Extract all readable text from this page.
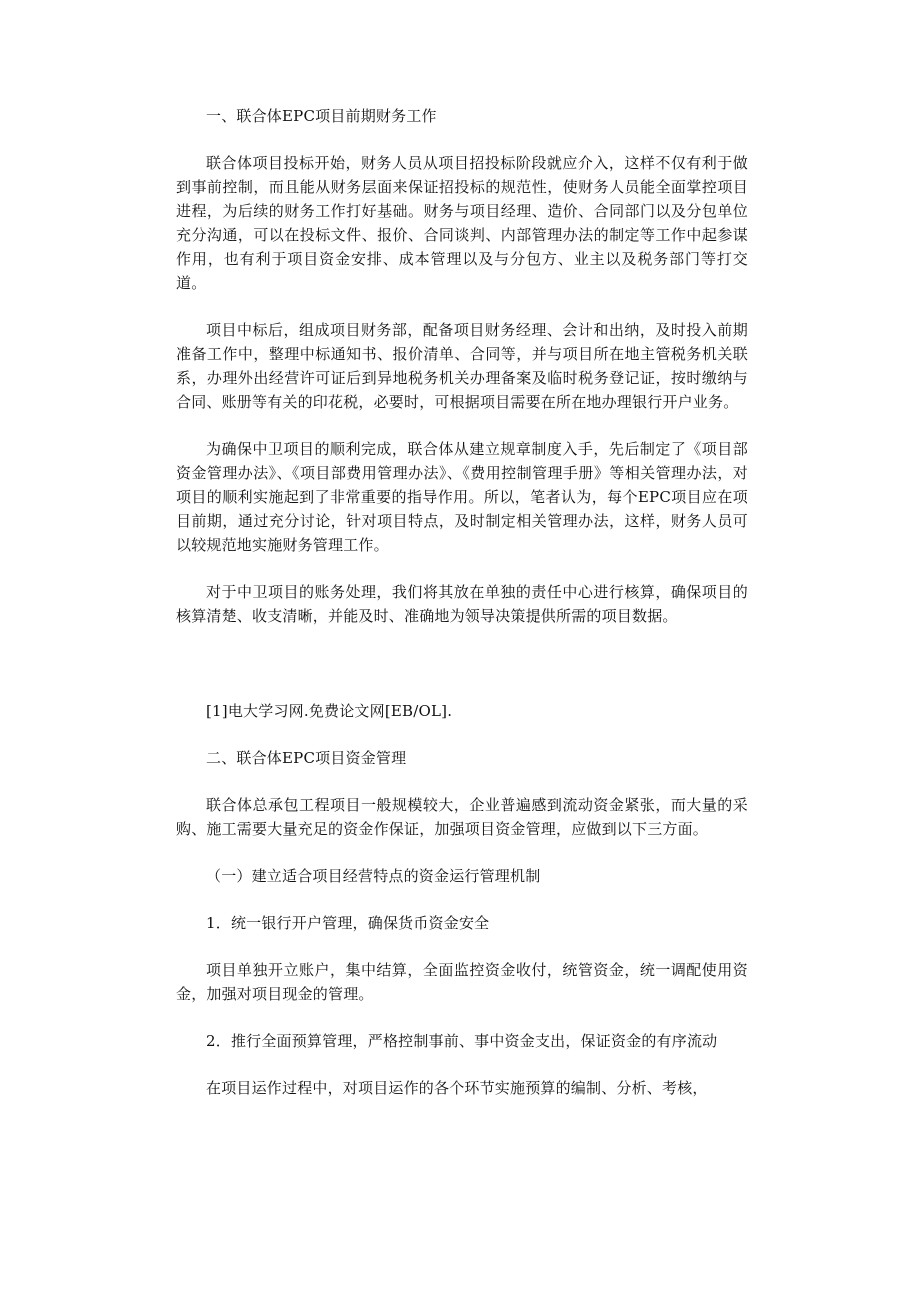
一、联合体EPC项目前期财务工作

联合体项目投标开始，财务人员从项目招投标阶段就应介入，这样不仅有利于做到事前控制，而且能从财务层面来保证招投标的规范性，使财务人员能全面掌控项目进程，为后续的财务工作打好基础。财务与项目经理、造价、合同部门以及分包单位充分沟通，可以在投标文件、报价、合同谈判、内部管理办法的制定等工作中起参谋作用，也有利于项目资金安排、成本管理以及与分包方、业主以及税务部门等打交道。

项目中标后，组成项目财务部，配备项目财务经理、会计和出纳，及时投入前期准备工作中，整理中标通知书、报价清单、合同等，并与项目所在地主管税务机关联系，办理外出经营许可证后到异地税务机关办理备案及临时税务登记证，按时缴纳与合同、账册等有关的印花税，必要时，可根据项目需要在所在地办理银行开户业务。

为确保中卫项目的顺利完成，联合体从建立规章制度入手，先后制定了《项目部资金管理办法》、《项目部费用管理办法》、《费用控制管理手册》等相关管理办法，对项目的顺利实施起到了非常重要的指导作用。所以，笔者认为，每个EPC项目应在项目前期，通过充分讨论，针对项目特点，及时制定相关管理办法，这样，财务人员可以较规范地实施财务管理工作。

对于中卫项目的账务处理，我们将其放在单独的责任中心进行核算，确保项目的核算清楚、收支清晰，并能及时、准确地为领导决策提供所需的项目数据。

[1]电大学习网.免费论文网[EB/OL].

二、联合体EPC项目资金管理

联合体总承包工程项目一般规模较大，企业普遍感到流动资金紧张，而大量的采购、施工需要大量充足的资金作保证，加强项目资金管理，应做到以下三方面。

（一）建立适合项目经营特点的资金运行管理机制

1．统一银行开户管理，确保货币资金安全

项目单独开立账户，集中结算，全面监控资金收付，统管资金，统一调配使用资金，加强对项目现金的管理。

2．推行全面预算管理，严格控制事前、事中资金支出，保证资金的有序流动

在项目运作过程中，对项目运作的各个环节实施预算的编制、分析、考核，
